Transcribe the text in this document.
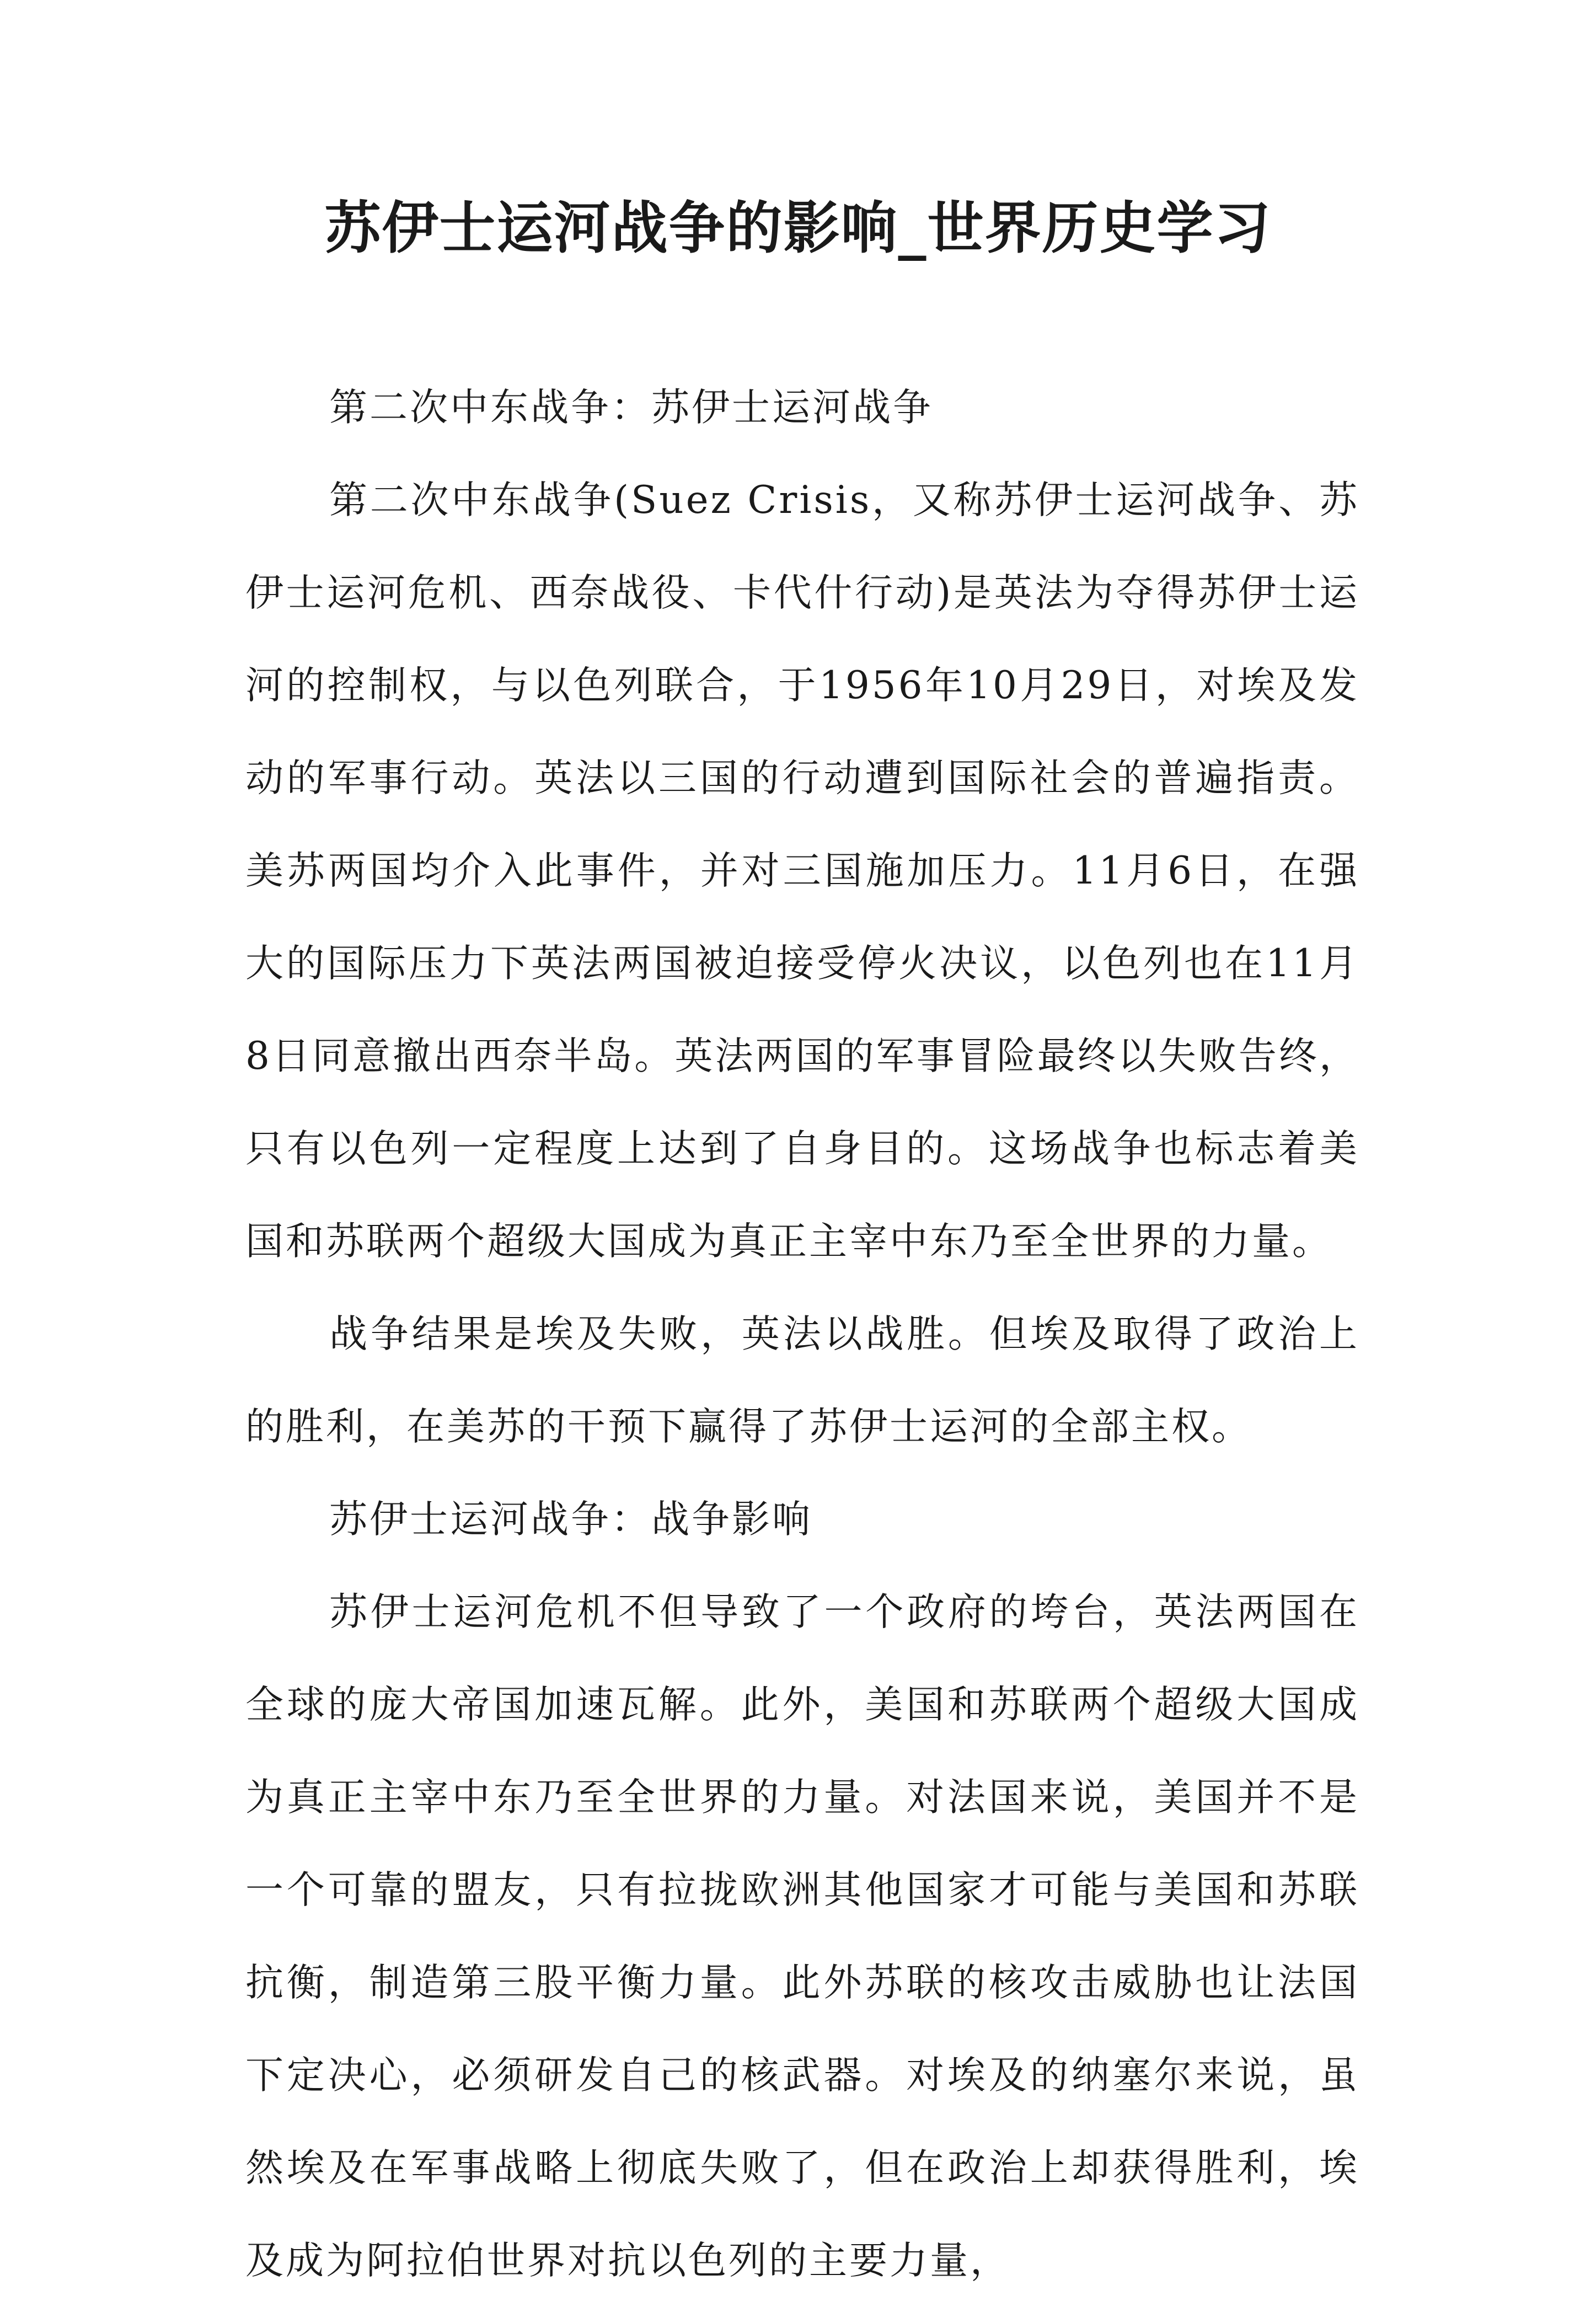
苏伊士运河战争的影响_世界历史学习

第二次中东战争：苏伊士运河战争

第二次中东战争(Suez Crisis，又称苏伊士运河战争、苏伊士运河危机、西奈战役、卡代什行动)是英法为夺得苏伊士运河的控制权，与以色列联合，于1956年10月29日，对埃及发动的军事行动。英法以三国的行动遭到国际社会的普遍指责。美苏两国均介入此事件，并对三国施加压力。11月6日，在强大的国际压力下英法两国被迫接受停火决议，以色列也在11月8日同意撤出西奈半岛。英法两国的军事冒险最终以失败告终，只有以色列一定程度上达到了自身目的。这场战争也标志着美国和苏联两个超级大国成为真正主宰中东乃至全世界的力量。

战争结果是埃及失败，英法以战胜。但埃及取得了政治上的胜利，在美苏的干预下赢得了苏伊士运河的全部主权。

苏伊士运河战争：战争影响

苏伊士运河危机不但导致了一个政府的垮台，英法两国在全球的庞大帝国加速瓦解。此外，美国和苏联两个超级大国成为真正主宰中东乃至全世界的力量。对法国来说，美国并不是一个可靠的盟友，只有拉拢欧洲其他国家才可能与美国和苏联抗衡，制造第三股平衡力量。此外苏联的核攻击威胁也让法国下定决心，必须研发自己的核武器。对埃及的纳塞尔来说，虽然埃及在军事战略上彻底失败了，但在政治上却获得胜利，埃及成为阿拉伯世界对抗以色列的主要力量，
